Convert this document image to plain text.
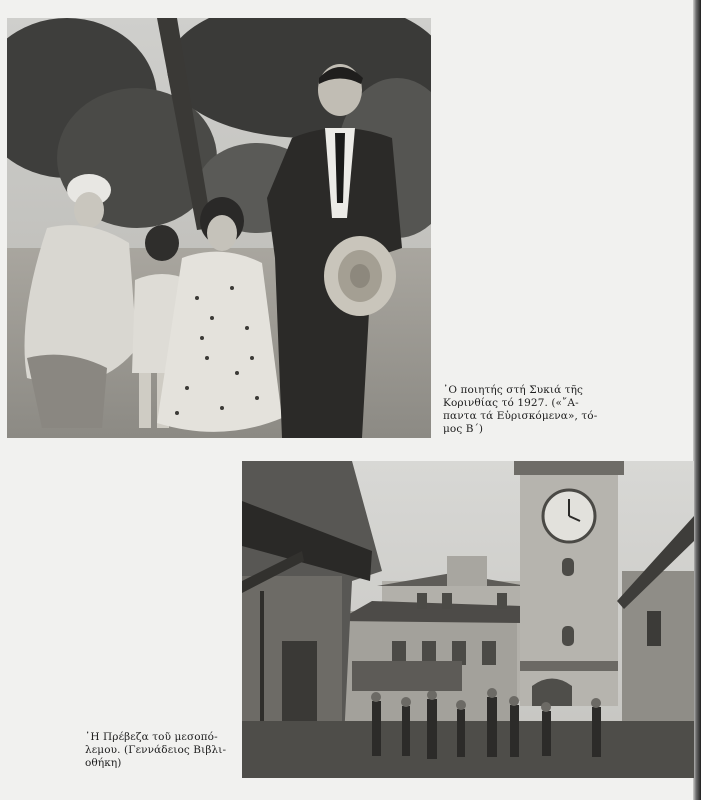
᾿Ο ποιητής στή Συκιά τῆς
Κορινθίας τό 1927. («῎Α-
παντα τά Εὑρισκόμενα», τό-
μος Β΄)
῾Η Πρέβεζα τοῦ μεσοπό-
λεμου. (Γεννάδειος Βιβλι-
οθήκη)
